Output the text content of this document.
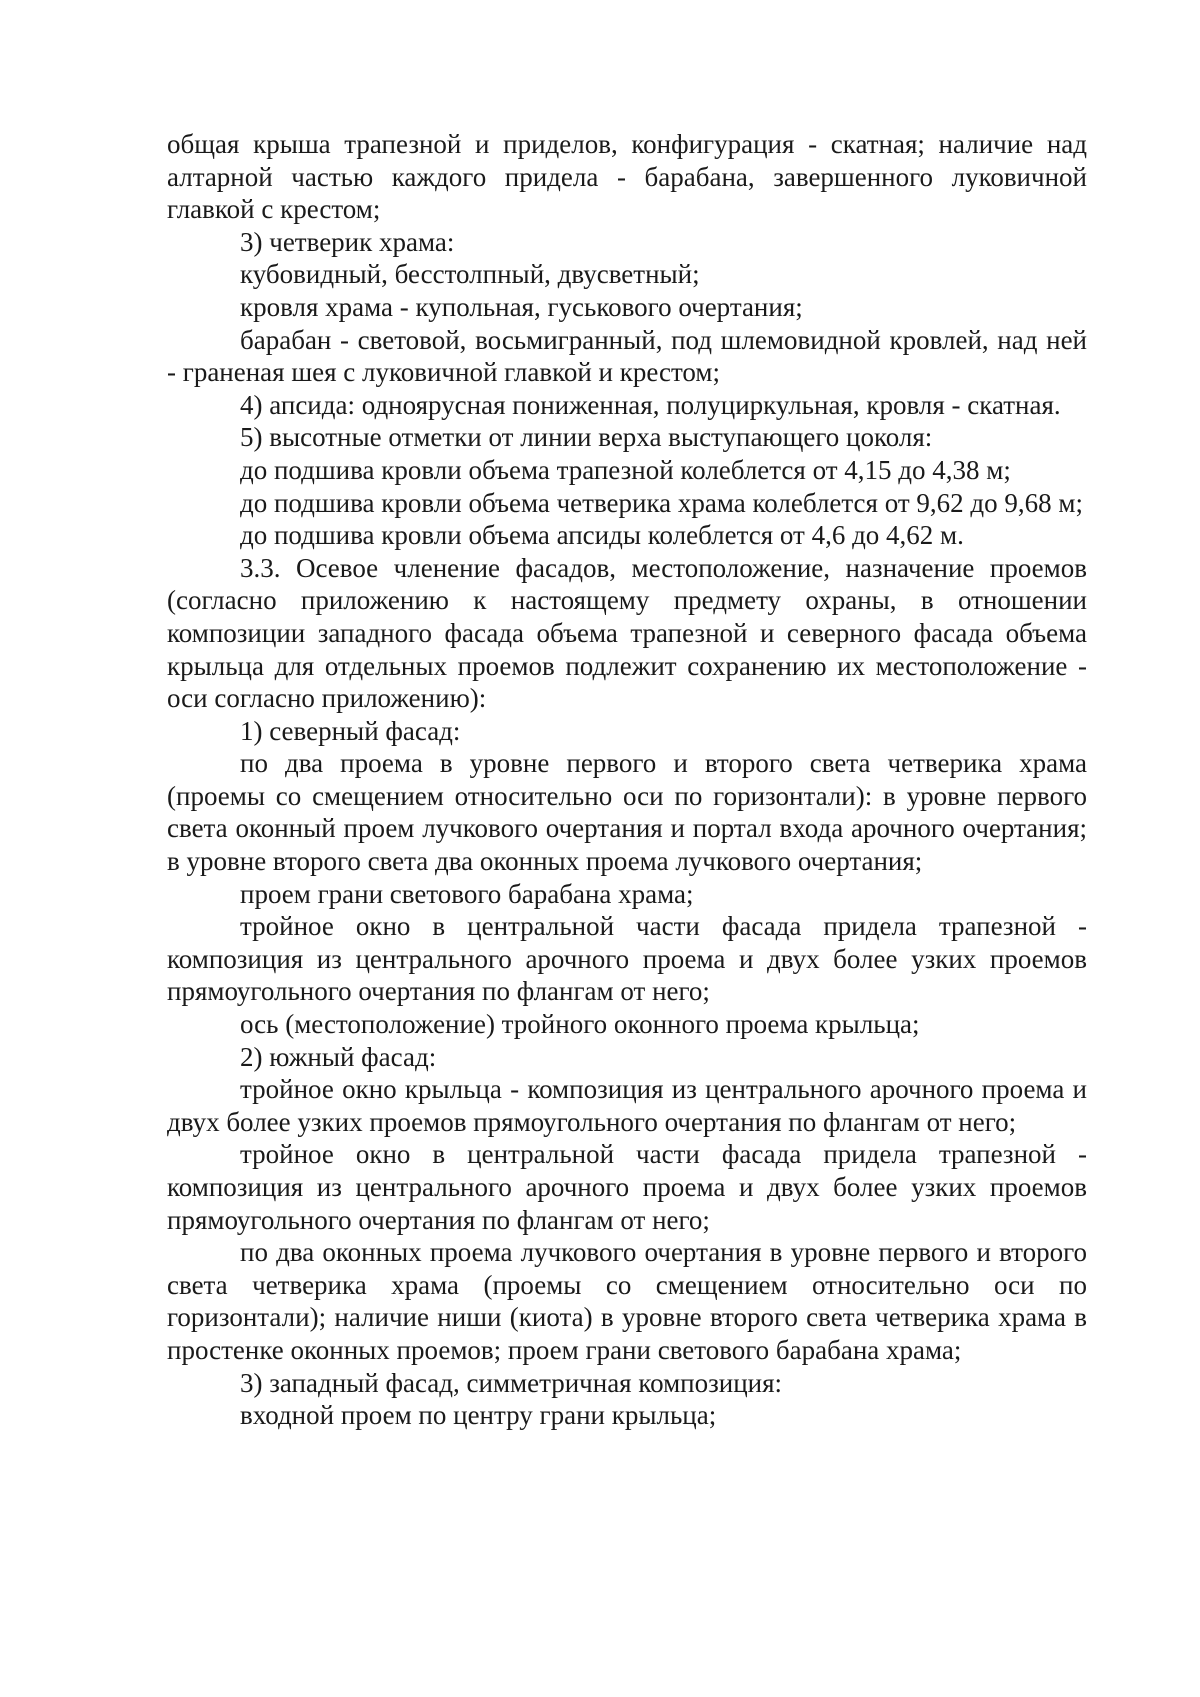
общая крыша трапезной и приделов, конфигурация - скатная; наличие над алтарной частью каждого придела - барабана, завершенного луковичной главкой с крестом;

3) четверик храма:

кубовидный, бесстолпный, двусветный;

кровля храма - купольная, гуськового очертания;

барабан - световой, восьмигранный, под шлемовидной кровлей, над ней - граненая шея с луковичной главкой и крестом;

4) апсида: одноярусная пониженная, полуциркульная, кровля - скатная.

5) высотные отметки от линии верха выступающего цоколя:

до подшива кровли объема трапезной колеблется от 4,15 до 4,38 м;

до подшива кровли объема четверика храма колеблется от 9,62 до 9,68 м;

до подшива кровли объема апсиды колеблется от 4,6 до 4,62 м.

3.3. Осевое членение фасадов, местоположение, назначение проемов (согласно приложению к настоящему предмету охраны, в отношении композиции западного фасада объема трапезной и северного фасада объема крыльца для отдельных проемов подлежит сохранению их местоположение - оси согласно приложению):

1) северный фасад:

по два проема в уровне первого и второго света четверика храма (проемы со смещением относительно оси по горизонтали): в уровне первого света оконный проем лучкового очертания и портал входа арочного очертания; в уровне второго света два оконных проема лучкового очертания;

проем грани светового барабана храма;

тройное окно в центральной части фасада придела трапезной - композиция из центрального арочного проема и двух более узких проемов прямоугольного очертания по флангам от него;

ось (местоположение) тройного оконного проема крыльца;

2) южный фасад:

тройное окно крыльца - композиция из центрального арочного проема и двух более узких проемов прямоугольного очертания по флангам от него;

тройное окно в центральной части фасада придела трапезной - композиция из центрального арочного проема и двух более узких проемов прямоугольного очертания по флангам от него;

по два оконных проема лучкового очертания в уровне первого и второго света четверика храма (проемы со смещением относительно оси по горизонтали); наличие ниши (киота) в уровне второго света четверика храма в простенке оконных проемов; проем грани светового барабана храма;

3) западный фасад, симметричная композиция:

входной проем по центру грани крыльца;
